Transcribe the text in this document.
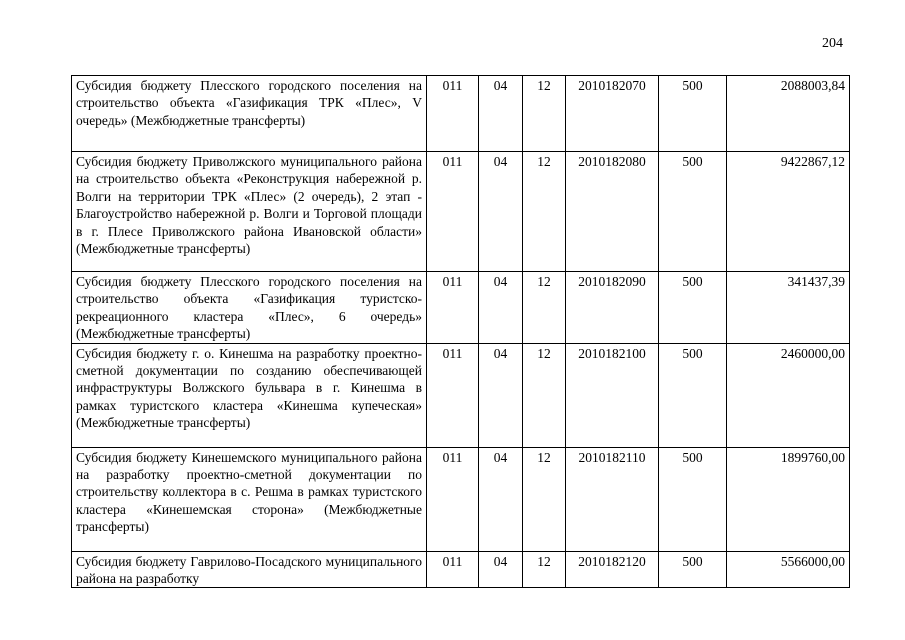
204
Субсидия бюджету Плесского городского поселения на строительство объекта «Газификация ТРК «Плес», V очередь» (Межбюджетные трансферты)	011	04	12	2010182070	500	2088003,84

Субсидия бюджету Приволжского муниципального района на строительство объекта «Реконструкция набережной р. Волги на территории ТРК «Плес» (2 очередь), 2 этап - Благоустройство набережной р. Волги и Торговой площади в г. Плесе Приволжского района Ивановской области» (Межбюджетные трансферты)	011	04	12	2010182080	500	9422867,12

Субсидия бюджету Плесского городского поселения на строительство объекта «Газификация туристско-рекреационного кластера «Плес», 6 очередь» (Межбюджетные трансферты)	011	04	12	2010182090	500	341437,39

Субсидия бюджету г. о. Кинешма на разработку проектно-сметной документации по созданию обеспечивающей инфраструктуры Волжского бульвара в г. Кинешма в рамках туристского кластера «Кинешма купеческая» (Межбюджетные трансферты)	011	04	12	2010182100	500	2460000,00

Субсидия бюджету Кинешемского муниципального района на разработку проектно-сметной документации по строительству коллектора в с. Решма в рамках туристского кластера «Кинешемская сторона» (Межбюджетные трансферты)	011	04	12	2010182110	500	1899760,00

Субсидия бюджету Гаврилово-Посадского муниципального района на разработку	011	04	12	2010182120	500	5566000,00
